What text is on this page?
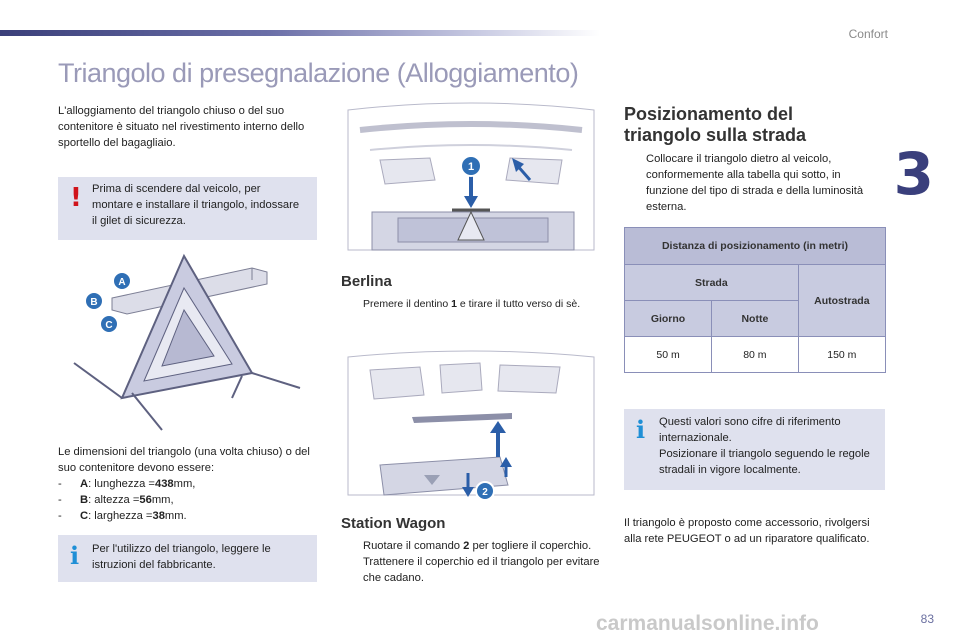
Confort
3
Triangolo di presegnalazione (Alloggiamento)
L'alloggiamento del triangolo chiuso o del suo contenitore è situato nel rivestimento interno dello sportello del bagagliaio.
! Prima di scendere dal veicolo, per montare e installare il triangolo, indossare il gilet di sicurezza.
A
B
C
Le dimensioni del triangolo (una volta chiuso) o del suo contenitore devono essere:
-	A : lunghezza = 438 mm,
-	B : altezza = 56 mm,
-	C : larghezza = 38 mm.
i Per l'utilizzo del triangolo, leggere le istruzioni del fabbricante.
1
Berlina
Premere il dentino 1 e tirare il tutto verso di sè.
2
Station Wagon
Ruotare il comando 2 per togliere il coperchio.
Trattenere il coperchio ed il triangolo per evitare che cadano.
Posizionamento del triangolo sulla strada
Collocare il triangolo dietro al veicolo, conformemente alla tabella qui sotto, in funzione del tipo di strada e della luminosità esterna.
Distanza di posizionamento (in metri)		
Strada		Autostrada
Giorno	Notte	
50 m	80 m	150 m
i Questi valori sono cifre di riferimento internazionale.
Posizionare il triangolo seguendo le regole stradali in vigore localmente.
Il triangolo è proposto come accessorio, rivolgersi alla rete PEUGEOT o ad un riparatore qualificato.
carmanualsonline.info	83
